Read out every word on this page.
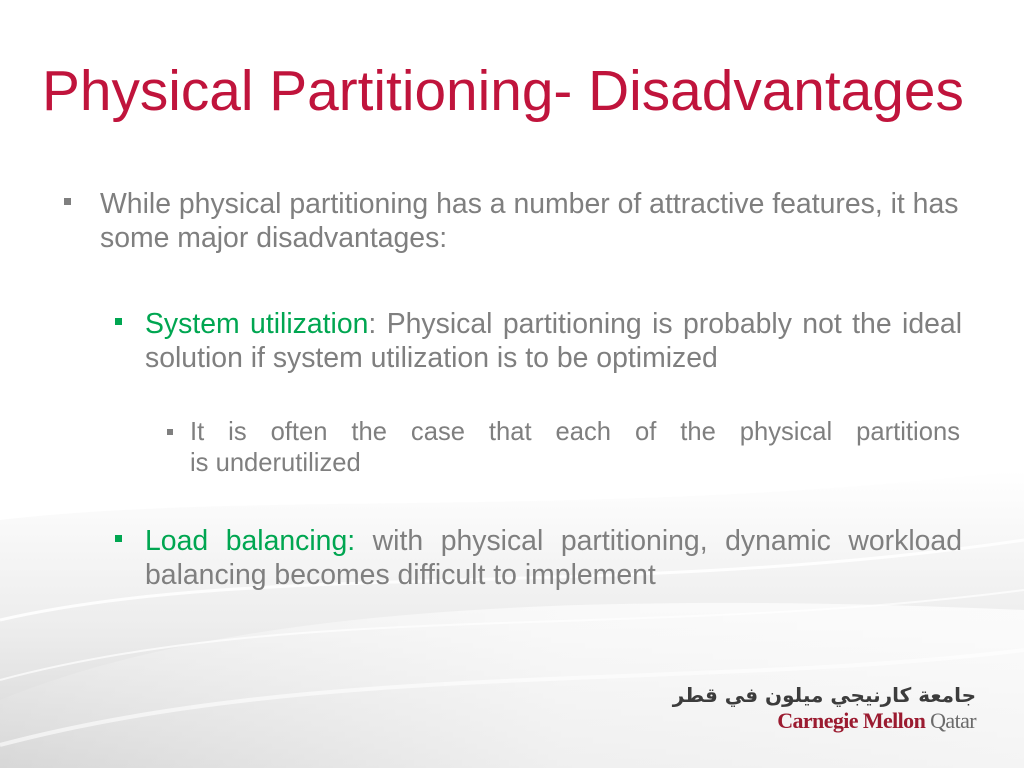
Physical Partitioning- Disadvantages

While physical partitioning has a number of attractive features, it has some major disadvantages:

System utilization: Physical partitioning is probably not the ideal solution if system utilization is to be optimized

It is often the case that each of the physical partitions is underutilized

Load balancing: with physical partitioning, dynamic workload balancing becomes difficult to implement

جامعة كارنيجي ميلون في قطر
Carnegie Mellon Qatar
